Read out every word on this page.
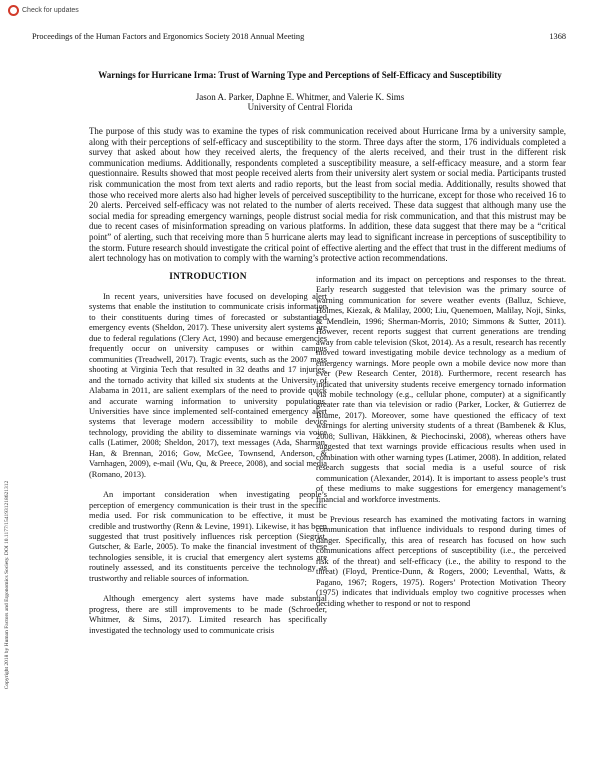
Check for updates
Proceedings of the Human Factors and Ergonomics Society 2018 Annual Meeting	1368
Copyright 2018 by Human Factors and Ergonomics Society. DOI 10.1177/1541931218621312
Warnings for Hurricane Irma: Trust of Warning Type and Perceptions of Self-Efficacy and Susceptibility
Jason A. Parker, Daphne E. Whitmer, and Valerie K. Sims
University of Central Florida

The purpose of this study was to examine the types of risk communication received about Hurricane Irma by a university sample, along with their perceptions of self-efficacy and susceptibility to the storm. Three days after the storm, 176 individuals completed a survey that asked about how they received alerts, the frequency of the alerts received, and their trust in the different risk communication mediums. Additionally, respondents completed a susceptibility measure, a self-efficacy measure, and a storm fear questionnaire. Results showed that most people received alerts from their university alert system or social media. Participants trusted risk communication the most from text alerts and radio reports, but the least from social media. Additionally, results showed that those who received more alerts also had higher levels of perceived susceptibility to the hurricane, except for those who received 16 to 20 alerts. Perceived self-efficacy was not related to the number of alerts received. These data suggest that although many use the social media for spreading emergency warnings, people distrust social media for risk communication, and that this mistrust may be due to recent cases of misinformation spreading on various platforms. In addition, these data suggest that there may be a “critical point” of alerting, such that receiving more than 5 hurricane alerts may lead to significant increase in perceptions of susceptibility to the storm. Future research should investigate the critical point of effective alerting and the effect that trust in the different mediums of alert technology has on motivation to comply with the warning’s protective action recommendations.

INTRODUCTION

In recent years, universities have focused on developing alert systems that enable the institution to communicate crisis information to their constituents during times of forecasted or substantiated emergency events (Sheldon, 2017). These university alert systems are due to federal regulations (Clery Act, 1990) and because emergencies frequently occur on university campuses or within campus communities (Treadwell, 2017). Tragic events, such as the 2007 mass shooting at Virginia Tech that resulted in 32 deaths and 17 injuries, and the tornado activity that killed six students at the University of Alabama in 2011, are salient exemplars of the need to provide quick and accurate warning information to university populations. Universities have since implemented self-contained emergency alert systems that leverage modern accessibility to mobile device technology, providing the ability to disseminate warnings via voice calls (Latimer, 2008; Sheldon, 2017), text messages (Ada, Sharman, Han, & Brennan, 2016; Gow, McGee, Townsend, Anderson, & Varnhagen, 2009), e-mail (Wu, Qu, & Preece, 2008), and social media (Romano, 2013).

An important consideration when investigating people’s perception of emergency communication is their trust in the specific media used. For risk communication to be effective, it must be credible and trustworthy (Renn & Levine, 1991). Likewise, it has been suggested that trust positively influences risk perception (Siegrist, Gutscher, & Earle, 2005). To make the financial investment of these technologies sensible, it is crucial that emergency alert systems are routinely assessed, and its constituents perceive the technology as trustworthy and reliable sources of information.

Although emergency alert systems have made substantial progress, there are still improvements to be made (Schroeder, Whitmer, & Sims, 2017). Limited research has specifically investigated the technology used to communicate crisis

information and its impact on perceptions and responses to the threat. Early research suggested that television was the primary source of warning communication for severe weather events (Balluz, Schieve, Holmes, Kiezak, & Malilay, 2000; Liu, Quenemoen, Malilay, Noji, Sinks, & Mendlein, 1996; Sherman-Morris, 2010; Simmons & Sutter, 2011). However, recent reports suggest that current generations are trending away from cable television (Skot, 2014). As a result, research has recently moved toward investigating mobile device technology as a medium of emergency warnings. More people own a mobile device now more than ever (Pew Research Center, 2018). Furthermore, recent research has indicated that university students receive emergency tornado information via mobile technology (e.g., cellular phone, computer) at a significantly greater rate than via television or radio (Parker, Locker, & Gutierrez de Blume, 2017). Moreover, some have questioned the efficacy of text warnings for alerting university students of a threat (Bambenek & Klus, 2008; Sullivan, Häkkinen, & Piechocinski, 2008), whereas others have suggested that text warnings provide efficacious results when used in combination with other warning types (Latimer, 2008). In addition, related research suggests that social media is a useful source of risk communication (Alexander, 2014). It is important to assess people’s trust of these mediums to make suggestions for emergency management’s financial and workforce investments.

Previous research has examined the motivating factors in warning communication that influence individuals to respond during times of danger. Specifically, this area of research has focused on how such communications affect perceptions of susceptibility (i.e., the perceived risk of the threat) and self-efficacy (i.e., the ability to respond to the threat) (Floyd, Prentice-Dunn, & Rogers, 2000; Leventhal, Watts, & Pagano, 1967; Rogers, 1975). Rogers’ Protection Motivation Theory (1975) indicates that individuals employ two cognitive processes when deciding whether to respond or not to respond
